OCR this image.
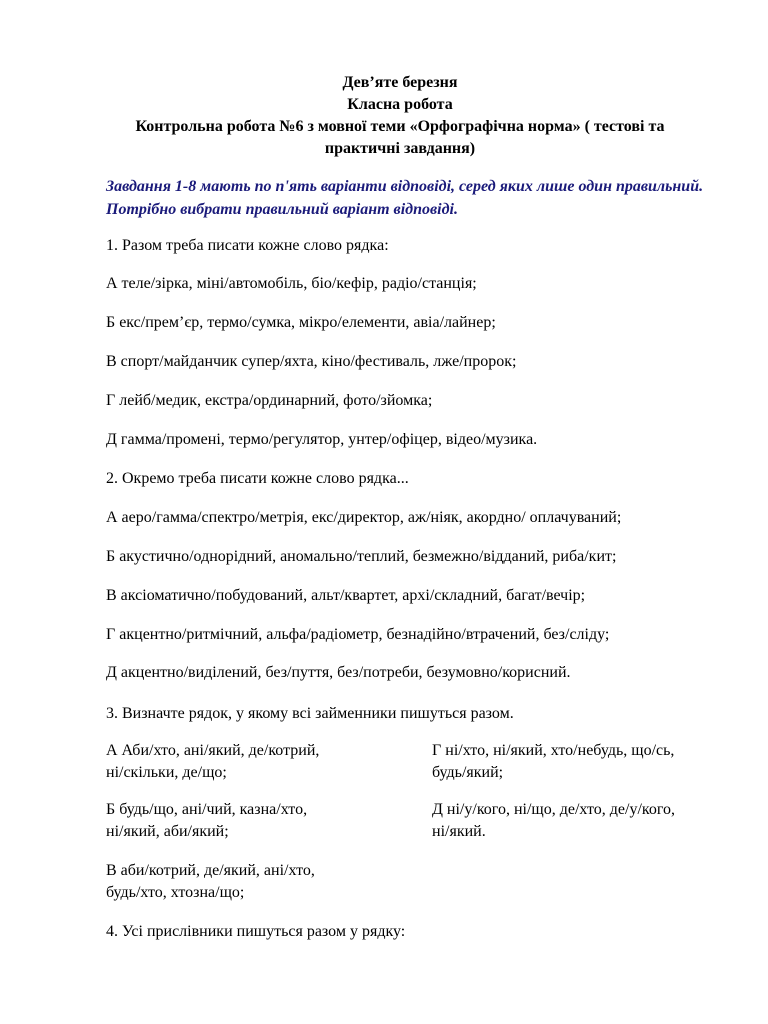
Дев’яте березня
Класна робота
Контрольна робота №6 з мовної теми «Орфографічна норма» ( тестові та
практичні завдання)
Завдання 1-8 мають по п'ять варіанти відповіді, серед яких лише один правильний. Потрібно вибрати правильний варіант відповіді.
1. Разом треба писати кожне слово рядка:
А теле/зірка, міні/автомобіль, біо/кефір, радіо/станція;
Б екс/прем’єр, термо/сумка, мікро/елементи, авіа/лайнер;
В спорт/майданчик супер/яхта, кіно/фестиваль, лже/пророк;
Г лейб/медик, екстра/ординарний, фото/зйомка;
Д гамма/промені, термо/регулятор, унтер/офіцер, відео/музика.
2. Окремо треба писати кожне слово рядка...
А аеро/гамма/спектро/метрія, екс/директор, аж/ніяк, акордно/ оплачуваний;
Б акустично/однорідний, аномально/теплий, безмежно/відданий, риба/кит;
В аксіоматично/побудований, альт/квартет, архі/складний, багат/вечір;
Г акцентно/ритмічний, альфа/радіометр, безнадійно/втрачений, без/сліду;
Д акцентно/виділений, без/пуття, без/потреби, безумовно/корисний.
3. Визначте рядок, у якому всі займенники пишуться разом.
А Аби/хто, ані/який, де/котрий,
ні/скільки, де/що;
Г ні/хто, ні/який, хто/небудь, що/сь,
будь/який;
Б будь/що, ані/чий, казна/хто,
ні/який, аби/який;
Д ні/у/кого, ні/що, де/хто, де/у/кого,
ні/який.
В аби/котрий, де/який, ані/хто,
будь/хто, хтозна/що;
4. Усі прислівники пишуться разом у рядку:
